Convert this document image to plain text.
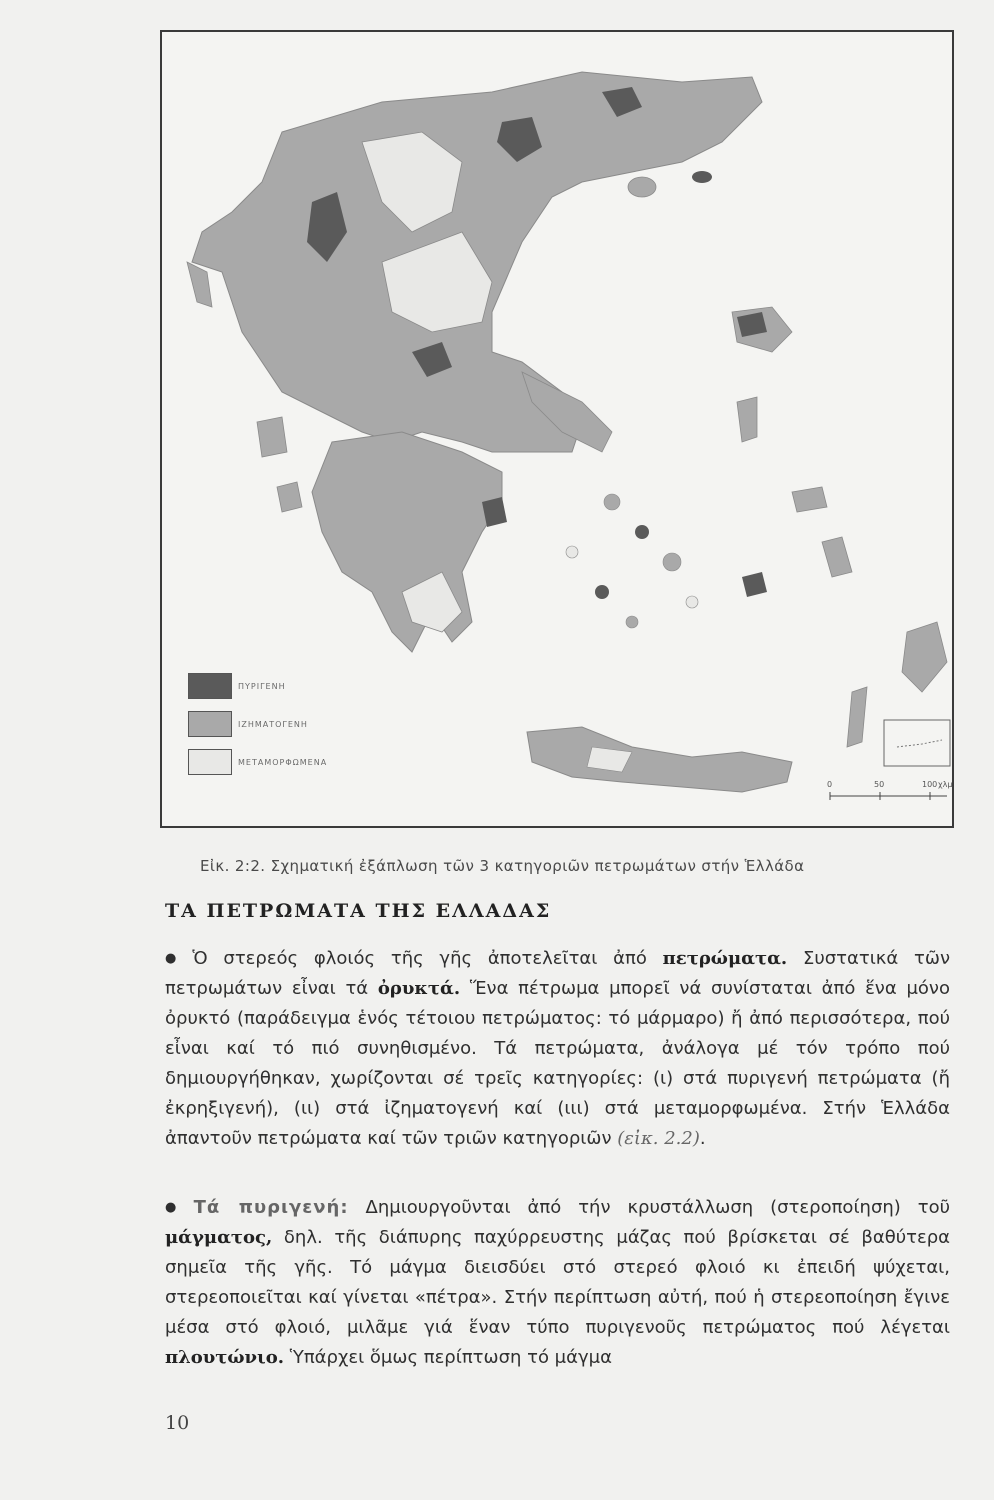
ΠΥΡΙΓΕΝΗ
ΙΖΗΜΑΤΟΓΕΝΗ
ΜΕΤΑΜΟΡΦΩΜΕΝΑ
0	50	100 χλμ
Εἰκ. 2:2. Σχηματική ἐξάπλωση τῶν 3 κατηγοριῶν πετρωμάτων στήν Ἑλλάδα
ΤΑ ΠΕΤΡΩΜΑΤΑ ΤΗΣ ΕΛΛΑΔΑΣ
● Ὁ στερεός φλοιός τῆς γῆς ἀποτελεῖται ἀπό πετρώματα. Συστατικά τῶν πετρωμάτων εἶναι τά ὀρυκτά. Ἕνα πέτρωμα μπορεῖ νά συνίσταται ἀπό ἕνα μόνο ὀρυκτό (παράδειγμα ἑνός τέτοιου πετρώματος: τό μάρμαρο) ἤ ἀπό περισσότερα, πού εἶναι καί τό πιό συνηθισμένο. Τά πετρώματα, ἀνάλογα μέ τόν τρόπο πού δημιουργήθηκαν, χωρίζονται σέ τρεῖς κατηγορίες: (ι) στά πυριγενή πετρώματα (ἤ ἐκρηξιγενή), (ιι) στά ἰζηματογενή καί (ιιι) στά μεταμορφωμένα. Στήν Ἑλλάδα ἀπαντοῦν πετρώματα καί τῶν τριῶν κατηγοριῶν (εἰκ. 2.2).
● Τά πυριγενή: Δημιουργοῦνται ἀπό τήν κρυστάλλωση (στεροποίηση) τοῦ μάγματος, δηλ. τῆς διάπυρης παχύρρευστης μάζας πού βρίσκεται σέ βαθύτερα σημεῖα τῆς γῆς. Τό μάγμα διεισδύει στό στερεό φλοιό κι ἐπειδή ψύχεται, στερεοποιεῖται καί γίνεται «πέτρα». Στήν περίπτωση αὐτή, πού ἡ στερεοποίηση ἔγινε μέσα στό φλοιό, μιλᾶμε γιά ἕναν τύπο πυριγενοῦς πετρώματος πού λέγεται πλουτώνιο. Ὑπάρχει ὅμως περίπτωση τό μάγμα
10
